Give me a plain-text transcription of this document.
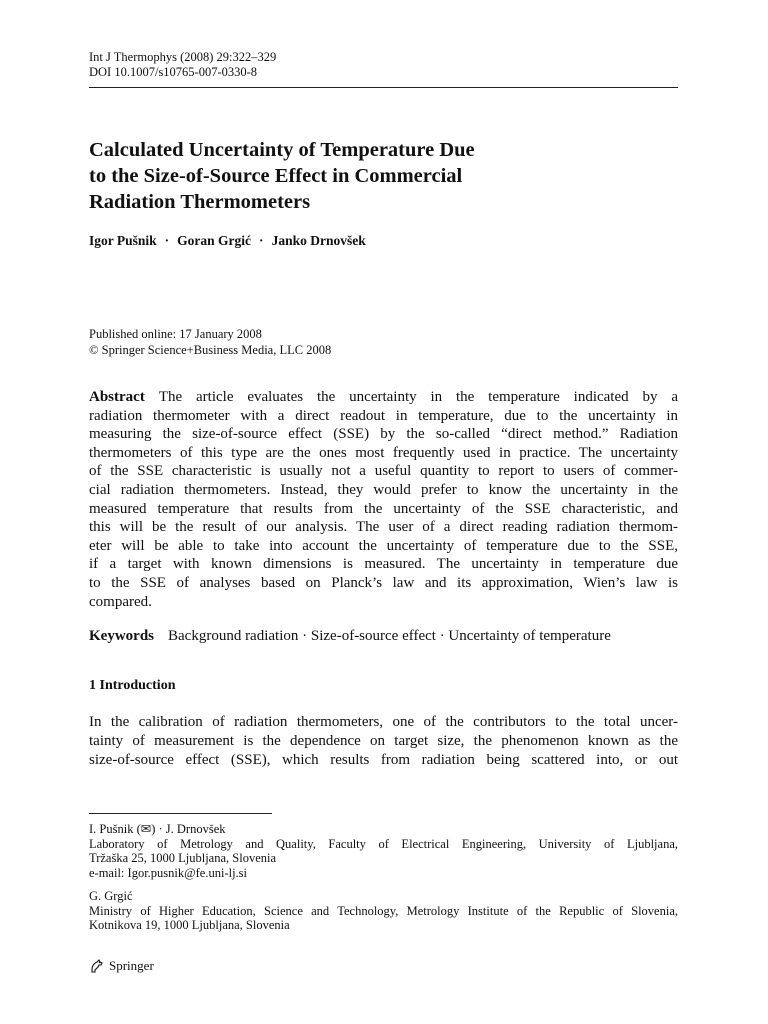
Int J Thermophys (2008) 29:322–329
DOI 10.1007/s10765-007-0330-8
Calculated Uncertainty of Temperature Due
to the Size-of-Source Effect in Commercial
Radiation Thermometers
Igor Pušnik · Goran Grgić · Janko Drnovšek
Published online: 17 January 2008
© Springer Science+Business Media, LLC 2008
Abstract The article evaluates the uncertainty in the temperature indicated by a
radiation thermometer with a direct readout in temperature, due to the uncertainty in
measuring the size-of-source effect (SSE) by the so-called “direct method.” Radiation
thermometers of this type are the ones most frequently used in practice. The uncertainty
of the SSE characteristic is usually not a useful quantity to report to users of commer-
cial radiation thermometers. Instead, they would prefer to know the uncertainty in the
measured temperature that results from the uncertainty of the SSE characteristic, and
this will be the result of our analysis. The user of a direct reading radiation thermom-
eter will be able to take into account the uncertainty of temperature due to the SSE,
if a target with known dimensions is measured. The uncertainty in temperature due
to the SSE of analyses based on Planck’s law and its approximation, Wien’s law is
compared.
Keywords Background radiation · Size-of-source effect · Uncertainty of temperature
1 Introduction
In the calibration of radiation thermometers, one of the contributors to the total uncer-
tainty of measurement is the dependence on target size, the phenomenon known as the
size-of-source effect (SSE), which results from radiation being scattered into, or out
I. Pušnik (✉) · J. Drnovšek
Laboratory of Metrology and Quality, Faculty of Electrical Engineering, University of Ljubljana,
Tržaška 25, 1000 Ljubljana, Slovenia
e-mail: Igor.pusnik@fe.uni-lj.si
G. Grgić
Ministry of Higher Education, Science and Technology, Metrology Institute of the Republic of Slovenia,
Kotnikova 19, 1000 Ljubljana, Slovenia
Springer
